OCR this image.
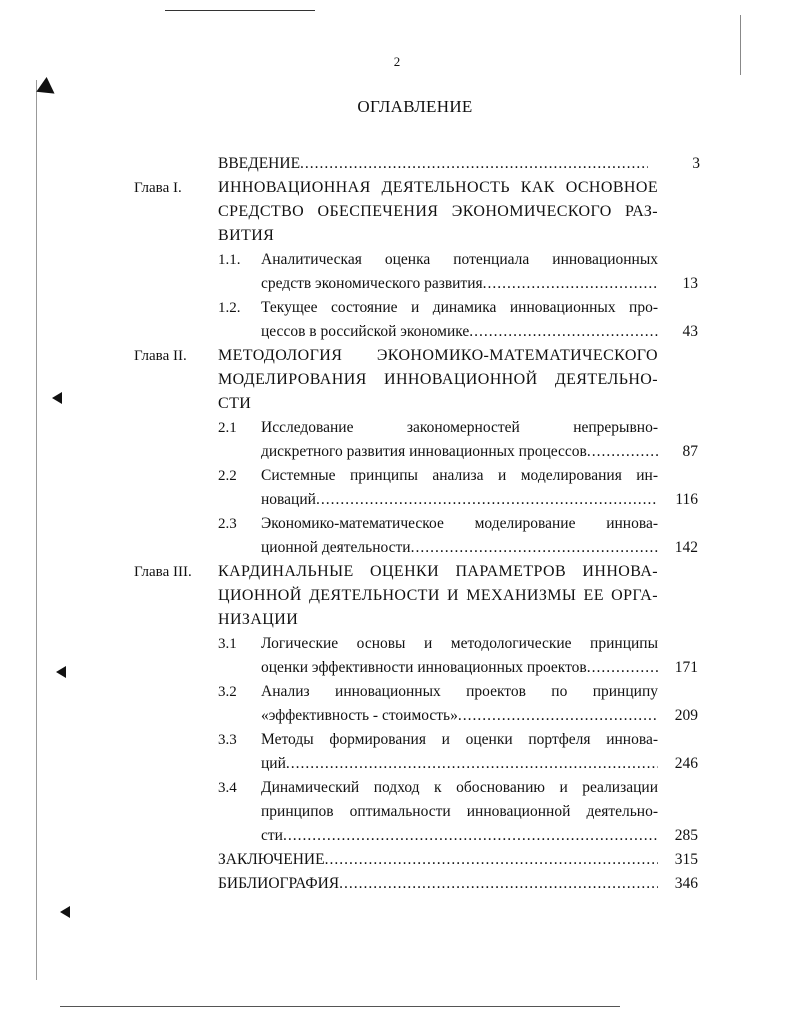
2
ОГЛАВЛЕНИЕ
ВВЕДЕНИЕ .....	3
Глава I. ИННОВАЦИОННАЯ ДЕЯТЕЛЬНОСТЬ КАК ОСНОВНОЕ
СРЕДСТВО ОБЕСПЕЧЕНИЯ ЭКОНОМИЧЕСКОГО РАЗ-
ВИТИЯ
1.1. Аналитическая оценка потенциала инновационных
средств экономического развития .....	13
1.2. Текущее состояние и динамика инновационных про-
цессов в российской экономике .....	43
Глава II. МЕТОДОЛОГИЯ ЭКОНОМИКО-МАТЕМАТИЧЕСКОГО
МОДЕЛИРОВАНИЯ ИННОВАЦИОННОЙ ДЕЯТЕЛЬНО-
СТИ
2.1 Исследование закономерностей непрерывно-
дискретного развития инновационных процессов .....	87
2.2 Системные принципы анализа и моделирования ин-
новаций .....	116
2.3 Экономико-математическое моделирование иннова-
ционной деятельности .....	142
Глава III. КАРДИНАЛЬНЫЕ ОЦЕНКИ ПАРАМЕТРОВ ИННОВА-
ЦИОННОЙ ДЕЯТЕЛЬНОСТИ И МЕХАНИЗМЫ ЕЕ ОРГА-
НИЗАЦИИ
3.1 Логические основы и методологические принципы
оценки эффективности инновационных проектов .....	171
3.2 Анализ инновационных проектов по принципу
«эффективность - стоимость» .....	209
3.3 Методы формирования и оценки портфеля иннова-
ций .....	246
3.4 Динамический подход к обоснованию и реализации
принципов оптимальности инновационной деятельно-
сти .....	285
ЗАКЛЮЧЕНИЕ .....	315
БИБЛИОГРАФИЯ .....	346
